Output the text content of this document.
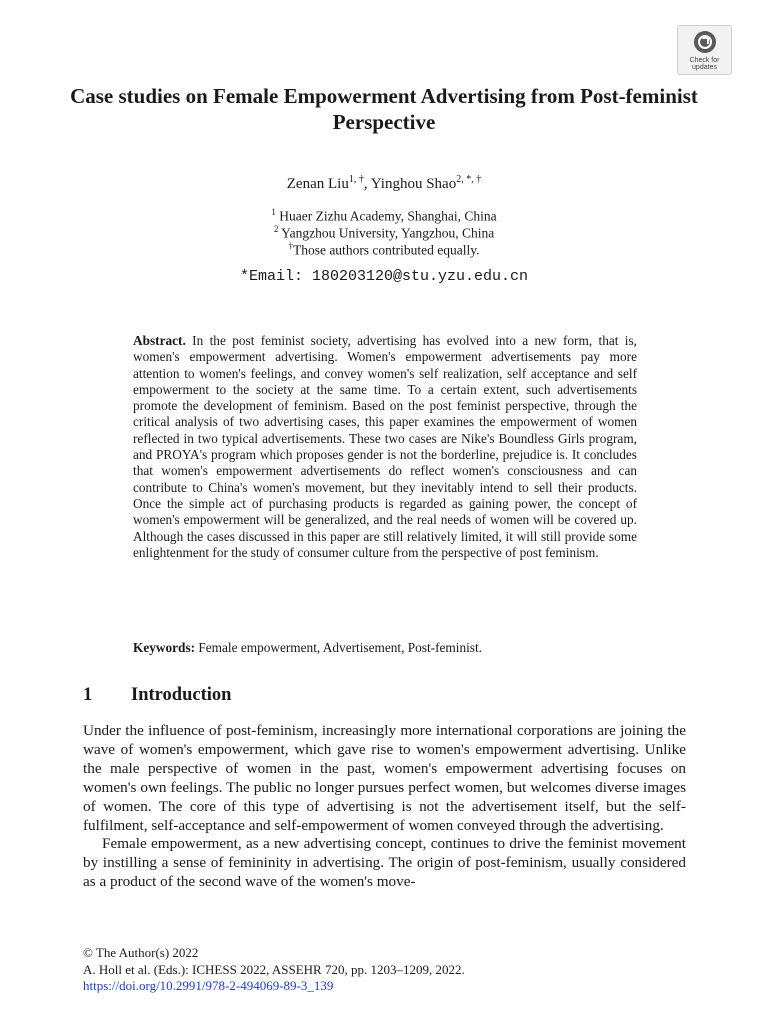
Check for
updates
Case studies on Female Empowerment Advertising from Post-feminist Perspective
Zenan Liu$^{1, \dagger}$, Yinghou Shao$^{2, *, \dagger}$
$^1$ Huaer Zizhu Academy, Shanghai, China
$^2$ Yangzhou University, Yangzhou, China
†Those authors contributed equally.
*Email: 180203120@stu.yzu.edu.cn

Abstract. In the post feminist society, advertising has evolved into a new form, that is, women's empowerment advertising. Women's empowerment advertisements pay more attention to women's feelings, and convey women's self realization, self acceptance and self empowerment to the society at the same time. To a certain extent, such advertisements promote the development of feminism. Based on the post feminist perspective, through the critical analysis of two advertising cases, this paper examines the empowerment of women reflected in two typical advertisements. These two cases are Nike's Boundless Girls program, and PROYA's program which proposes gender is not the borderline, prejudice is. It concludes that women's empowerment advertisements do reflect women's consciousness and can contribute to China's women's movement, but they inevitably intend to sell their products. Once the simple act of purchasing products is regarded as gaining power, the concept of women's empowerment will be generalized, and the real needs of women will be covered up. Although the cases discussed in this paper are still relatively limited, it will still provide some enlightenment for the study of consumer culture from the perspective of post feminism.

Keywords: Female empowerment, Advertisement, Post-feminist.

1 Introduction

Under the influence of post-feminism, increasingly more international corporations are joining the wave of women's empowerment, which gave rise to women's empowerment advertising. Unlike the male perspective of women in the past, women's empowerment advertising focuses on women's own feelings. The public no longer pursues perfect women, but welcomes diverse images of women. The core of this type of advertising is not the advertisement itself, but the self-fulfilment, self-acceptance and self-empowerment of women conveyed through the advertising.

Female empowerment, as a new advertising concept, continues to drive the feminist movement by instilling a sense of femininity in advertising. The origin of post-feminism, usually considered as a product of the second wave of the women's move-

© The Author(s) 2022
A. Holl et al. (Eds.): ICHESS 2022, ASSEHR 720, pp. 1203–1209, 2022.
https://doi.org/10.2991/978-2-494069-89-3_139
